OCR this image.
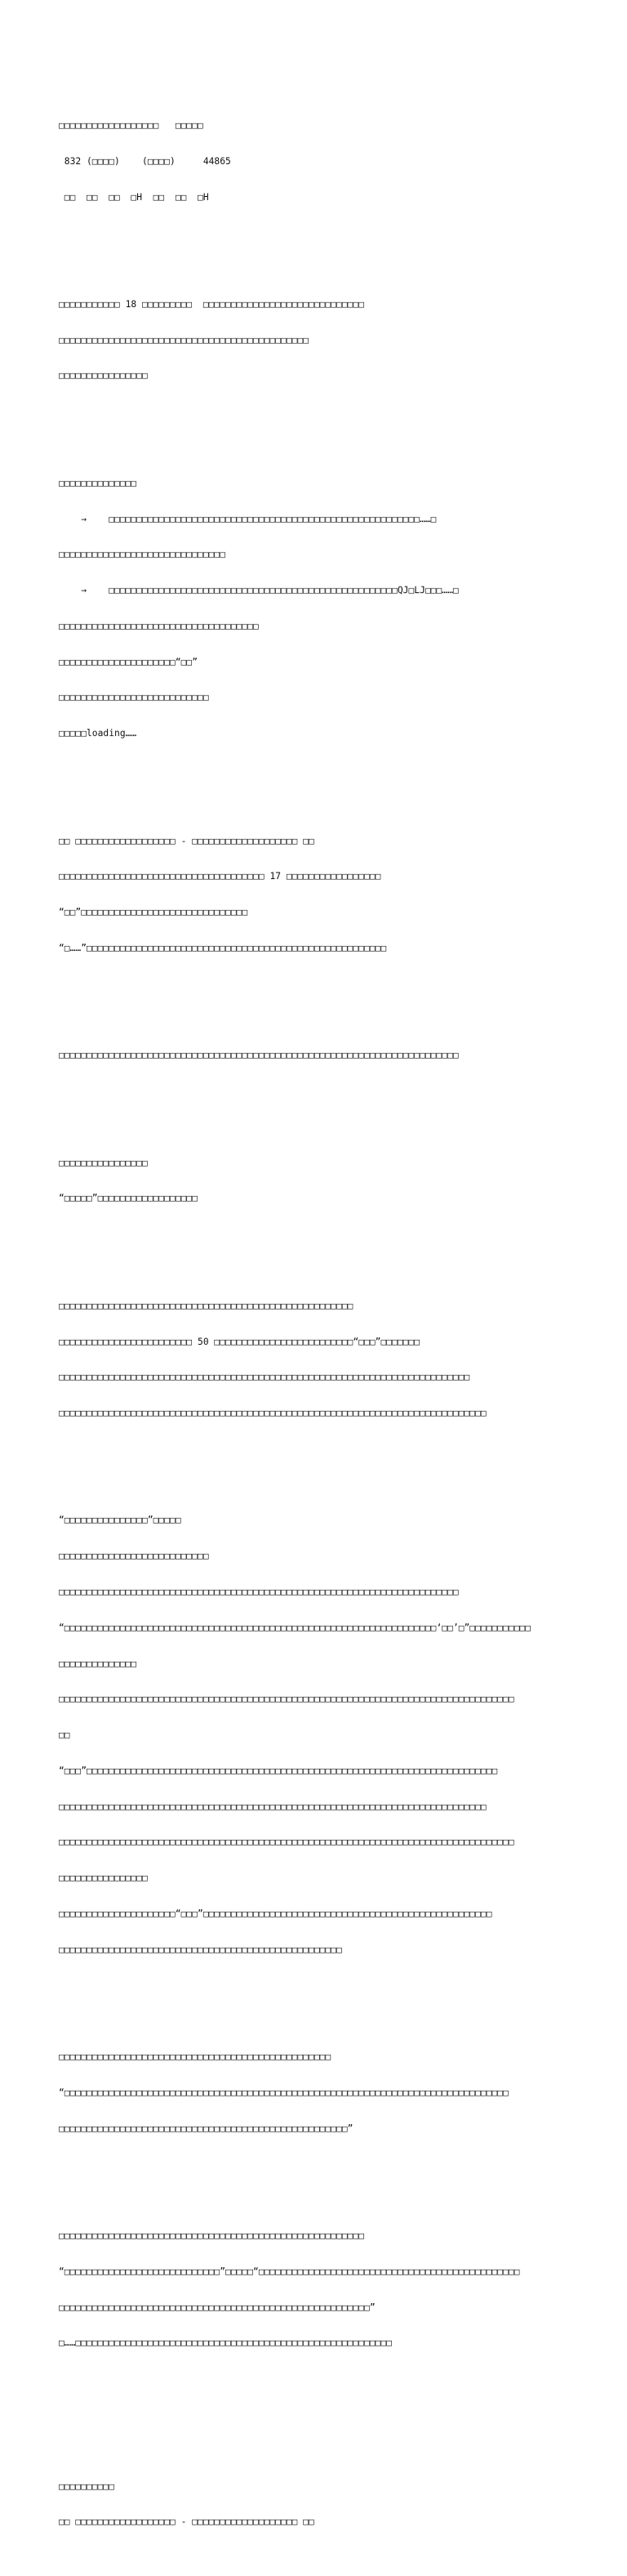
□□□□□□□□□□□□□□□□□□   □□□□□

832 (□□□□)    (□□□□)     44865

□□  □□  □□  □H  □□  □□  □H

□□□□□□□□□□□ 18 □□□□□□□□□  □□□□□□□□□□□□□□□□□□□□□□□□□□□□□

□□□□□□□□□□□□□□□□□□□□□□□□□□□□□□□□□□□□□□□□□□□□□

□□□□□□□□□□□□□□□□

□□□□□□□□□□□□□□

→    □□□□□□□□□□□□□□□□□□□□□□□□□□□□□□□□□□□□□□□□□□□□□□□□□□□□□□□□……□

□□□□□□□□□□□□□□□□□□□□□□□□□□□□□□

→    □□□□□□□□□□□□□□□□□□□□□□□□□□□□□□□□□□□□□□□□□□□□□□□□□□□□QJ□LJ□□□……□

□□□□□□□□□□□□□□□□□□□□□□□□□□□□□□□□□□□□

□□□□□□□□□□□□□□□□□□□□□“□□”

□□□□□□□□□□□□□□□□□□□□□□□□□□□

□□□□□loading……

□□ □□□□□□□□□□□□□□□□□□ - □□□□□□□□□□□□□□□□□□□ □□

□□□□□□□□□□□□□□□□□□□□□□□□□□□□□□□□□□□□□ 17 □□□□□□□□□□□□□□□□□

“□□”□□□□□□□□□□□□□□□□□□□□□□□□□□□□□□

“□……”□□□□□□□□□□□□□□□□□□□□□□□□□□□□□□□□□□□□□□□□□□□□□□□□□□□□□□

□□□□□□□□□□□□□□□□□□□□□□□□□□□□□□□□□□□□□□□□□□□□□□□□□□□□□□□□□□□□□□□□□□□□□□□□

□□□□□□□□□□□□□□□□

“□□□□□”□□□□□□□□□□□□□□□□□□

□□□□□□□□□□□□□□□□□□□□□□□□□□□□□□□□□□□□□□□□□□□□□□□□□□□□□

□□□□□□□□□□□□□□□□□□□□□□□□ 50 □□□□□□□□□□□□□□□□□□□□□□□□□“□□□”□□□□□□□

□□□□□□□□□□□□□□□□□□□□□□□□□□□□□□□□□□□□□□□□□□□□□□□□□□□□□□□□□□□□□□□□□□□□□□□□□□

□□□□□□□□□□□□□□□□□□□□□□□□□□□□□□□□□□□□□□□□□□□□□□□□□□□□□□□□□□□□□□□□□□□□□□□□□□□□□

“□□□□□□□□□□□□□□□”□□□□□

□□□□□□□□□□□□□□□□□□□□□□□□□□□

□□□□□□□□□□□□□□□□□□□□□□□□□□□□□□□□□□□□□□□□□□□□□□□□□□□□□□□□□□□□□□□□□□□□□□□□

“□□□□□□□□□□□□□□□□□□□□□□□□□□□□□□□□□□□□□□□□□□□□□□□□□□□□□□□□□□□□□□□□□□□‘□□’□”□□□□□□□□□□□

□□□□□□□□□□□□□□

□□□□□□□□□□□□□□□□□□□□□□□□□□□□□□□□□□□□□□□□□□□□□□□□□□□□□□□□□□□□□□□□□□□□□□□□□□□□□□□□□□

□□

“□□□”□□□□□□□□□□□□□□□□□□□□□□□□□□□□□□□□□□□□□□□□□□□□□□□□□□□□□□□□□□□□□□□□□□□□□□□□□□

□□□□□□□□□□□□□□□□□□□□□□□□□□□□□□□□□□□□□□□□□□□□□□□□□□□□□□□□□□□□□□□□□□□□□□□□□□□□□

□□□□□□□□□□□□□□□□□□□□□□□□□□□□□□□□□□□□□□□□□□□□□□□□□□□□□□□□□□□□□□□□□□□□□□□□□□□□□□□□□□

□□□□□□□□□□□□□□□□

□□□□□□□□□□□□□□□□□□□□□“□□□”□□□□□□□□□□□□□□□□□□□□□□□□□□□□□□□□□□□□□□□□□□□□□□□□□□□□

□□□□□□□□□□□□□□□□□□□□□□□□□□□□□□□□□□□□□□□□□□□□□□□□□□□

□□□□□□□□□□□□□□□□□□□□□□□□□□□□□□□□□□□□□□□□□□□□□□□□□

“□□□□□□□□□□□□□□□□□□□□□□□□□□□□□□□□□□□□□□□□□□□□□□□□□□□□□□□□□□□□□□□□□□□□□□□□□□□□□□□□

□□□□□□□□□□□□□□□□□□□□□□□□□□□□□□□□□□□□□□□□□□□□□□□□□□□□”

□□□□□□□□□□□□□□□□□□□□□□□□□□□□□□□□□□□□□□□□□□□□□□□□□□□□□□□

“□□□□□□□□□□□□□□□□□□□□□□□□□□□□”□□□□□“□□□□□□□□□□□□□□□□□□□□□□□□□□□□□□□□□□□□□□□□□□□□□□□

□□□□□□□□□□□□□□□□□□□□□□□□□□□□□□□□□□□□□□□□□□□□□□□□□□□□□□□□”

□……□□□□□□□□□□□□□□□□□□□□□□□□□□□□□□□□□□□□□□□□□□□□□□□□□□□□□□□□□

□□□□□□□□□□

□□ □□□□□□□□□□□□□□□□□□ - □□□□□□□□□□□□□□□□□□□ □□
